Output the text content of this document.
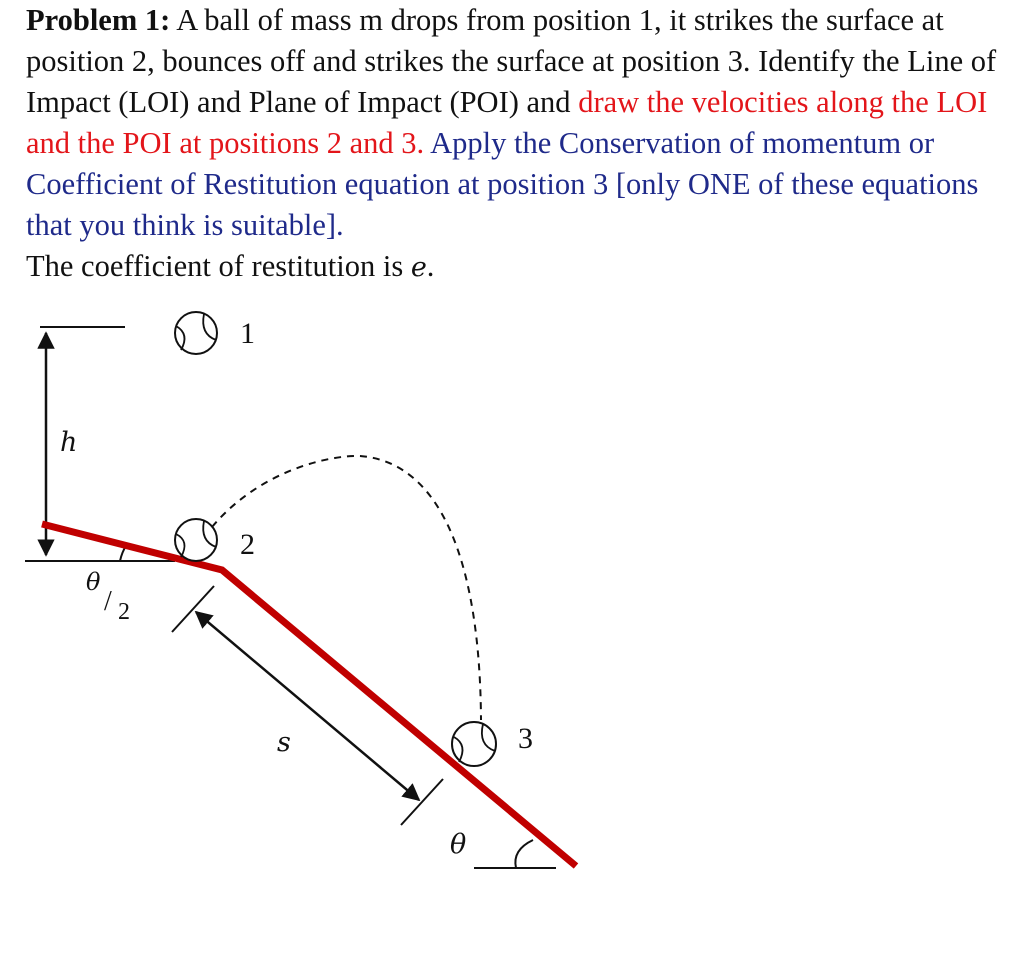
Problem 1: A ball of mass m drops from position 1, it strikes the surface at position 2, bounces off and strikes the surface at position 3. Identify the Line of Impact (LOI) and Plane of Impact (POI) and draw the velocities along the LOI and the POI at positions 2 and 3. Apply the Conservation of momentum or Coefficient of Restitution equation at position 3 [only ONE of these equations that you think is suitable].
The coefficient of restitution is e.

h
θ
/ 2
s
θ
1
2
3
